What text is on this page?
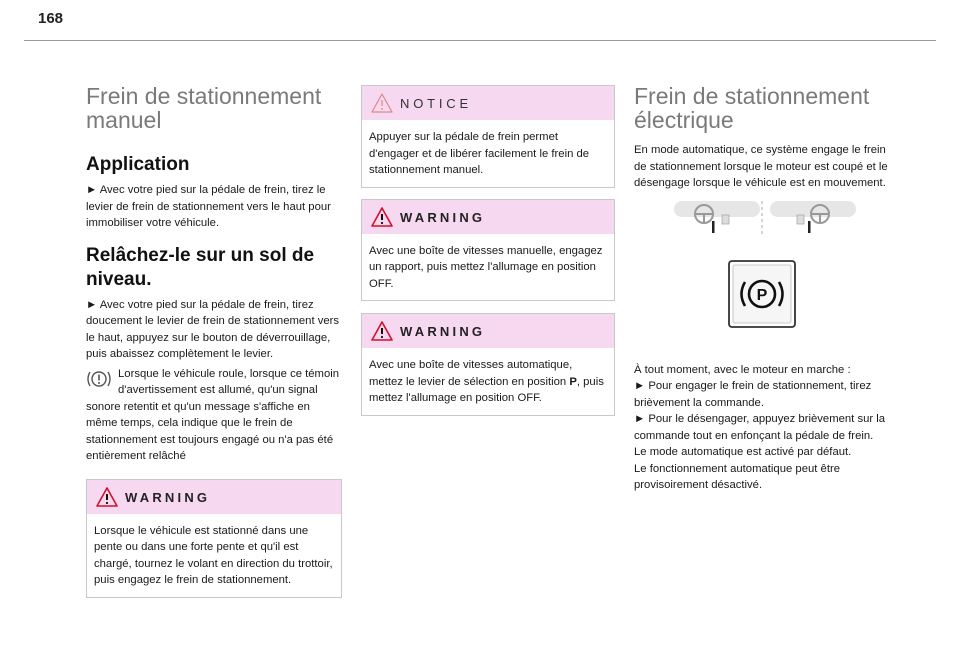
168
Frein de stationnement manuel
Application

► Avec votre pied sur la pédale de frein, tirez le levier de frein de stationnement vers le haut pour immobiliser votre véhicule.

Relâchez-le sur un sol de niveau.

► Avec votre pied sur la pédale de frein, tirez doucement le levier de frein de stationnement vers le haut, appuyez sur le bouton de déverrouillage, puis abaissez complètement le levier.

Lorsque le véhicule roule, lorsque ce témoin d'avertissement est allumé, qu'un signal sonore retentit et qu'un message s'affiche en même temps, cela indique que le frein de stationnement est toujours engagé ou n'a pas été entièrement relâché

WARNING

Lorsque le véhicule est stationné dans une pente ou dans une forte pente et qu'il est chargé, tournez le volant en direction du trottoir, puis engagez le frein de stationnement.

NOTICE

Appuyer sur la pédale de frein permet d'engager et de libérer facilement le frein de stationnement manuel.

WARNING

Avec une boîte de vitesses manuelle, engagez un rapport, puis mettez l'allumage en position OFF.

WARNING

Avec une boîte de vitesses automatique, mettez le levier de sélection en position P, puis mettez l'allumage en position OFF.

Frein de stationnement électrique

En mode automatique, ce système engage le frein de stationnement lorsque le moteur est coupé et le désengage lorsque le véhicule est en mouvement.

P

À tout moment, avec le moteur en marche :

► Pour engager le frein de stationnement, tirez brièvement la commande.

► Pour le désengager, appuyez brièvement sur la commande tout en enfonçant la pédale de frein.

Le mode automatique est activé par défaut.

Le fonctionnement automatique peut être provisoirement désactivé.
